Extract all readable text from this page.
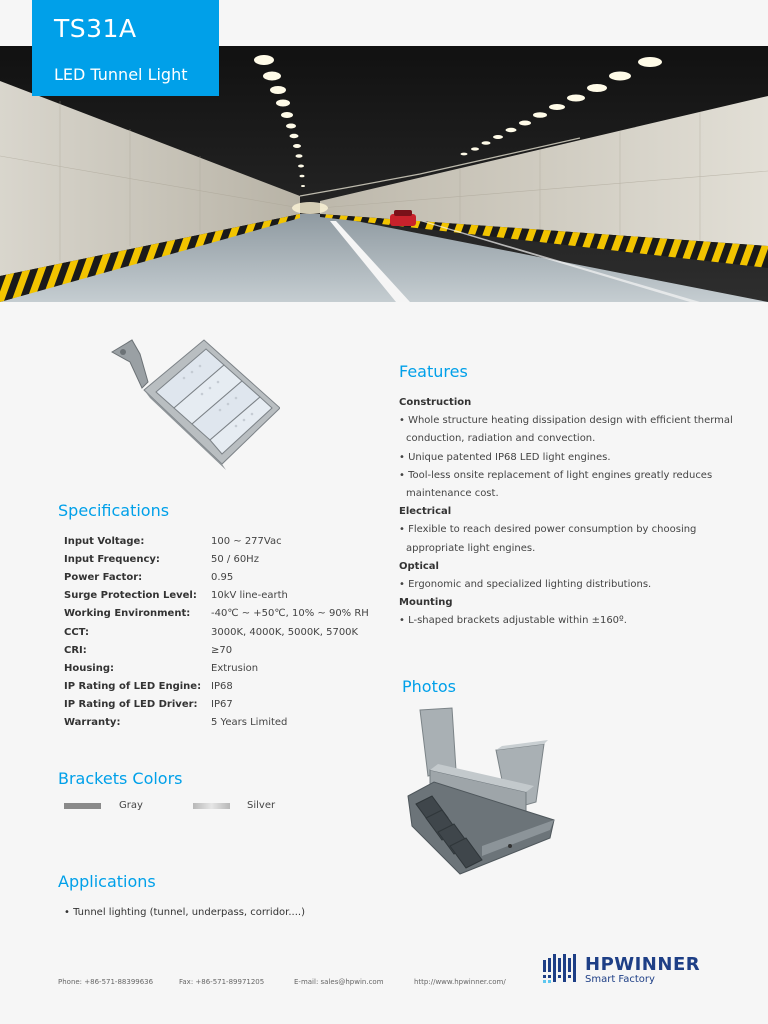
TS31A
LED Tunnel Light
Specifications
Input Voltage:	100 ~ 277Vac
Input Frequency:	50 / 60Hz
Power Factor:	0.95
Surge Protection Level:	10kV line-earth
Working Environment:	-40℃ ~ +50℃, 10% ~ 90% RH
CCT:	3000K, 4000K, 5000K, 5700K
CRI:	≥70
Housing:	Extrusion
IP Rating of LED Engine: IP68
IP Rating of LED Driver:	IP67
Warranty:	5 Years Limited
Brackets Colors
Gray	Silver
Applications
• Tunnel lighting (tunnel, underpass, corridor....)
Features
Construction
• Whole structure heating dissipation design with efficient thermal conduction, radiation and convection.
• Unique patented IP68 LED light engines.
• Tool-less onsite replacement of light engines greatly reduces maintenance cost.
Electrical
• Flexible to reach desired power consumption by choosing appropriate light engines.
Optical
• Ergonomic and specialized lighting distributions.
Mounting
• L-shaped brackets adjustable within ±160º.
Photos
Phone: +86-571-88399636	Fax: +86-571-89971205	E-mail: sales@hpwin.com	http://www.hpwinner.com/
HPWINNER
Smart Factory
